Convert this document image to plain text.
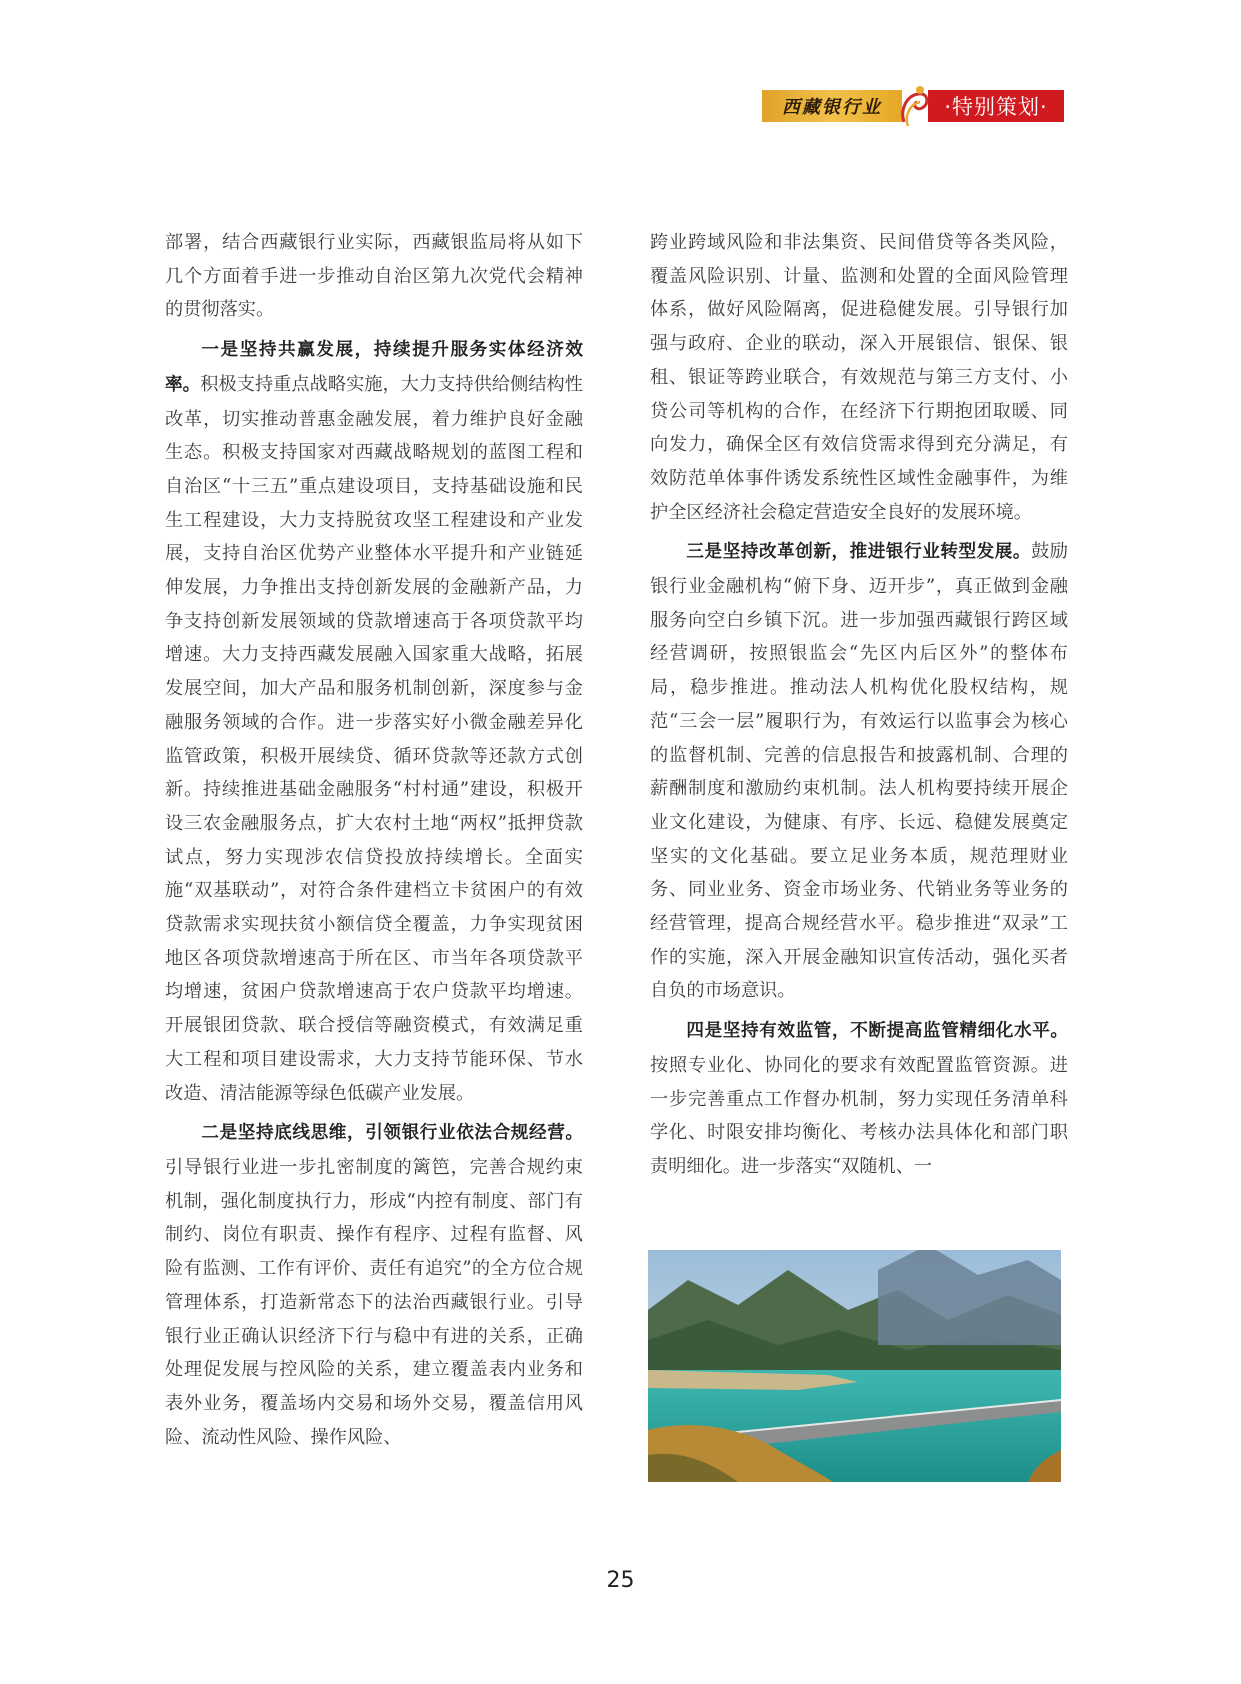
西藏银行业	·特别策划·

部署，结合西藏银行业实际，西藏银监局将从如下几个方面着手进一步推动自治区第九次党代会精神的贯彻落实。

一是坚持共赢发展，持续提升服务实体经济效率。积极支持重点战略实施，大力支持供给侧结构性改革，切实推动普惠金融发展，着力维护良好金融生态。积极支持国家对西藏战略规划的蓝图工程和自治区“十三五”重点建设项目，支持基础设施和民生工程建设，大力支持脱贫攻坚工程建设和产业发展，支持自治区优势产业整体水平提升和产业链延伸发展，力争推出支持创新发展的金融新产品，力争支持创新发展领域的贷款增速高于各项贷款平均增速。大力支持西藏发展融入国家重大战略，拓展发展空间，加大产品和服务机制创新，深度参与金融服务领域的合作。进一步落实好小微金融差异化监管政策，积极开展续贷、循环贷款等还款方式创新。持续推进基础金融服务“村村通”建设，积极开设三农金融服务点，扩大农村土地“两权”抵押贷款试点，努力实现涉农信贷投放持续增长。全面实施“双基联动”，对符合条件建档立卡贫困户的有效贷款需求实现扶贫小额信贷全覆盖，力争实现贫困地区各项贷款增速高于所在区、市当年各项贷款平均增速，贫困户贷款增速高于农户贷款平均增速。开展银团贷款、联合授信等融资模式，有效满足重大工程和项目建设需求，大力支持节能环保、节水改造、清洁能源等绿色低碳产业发展。

二是坚持底线思维，引领银行业依法合规经营。引导银行业进一步扎密制度的篱笆，完善合规约束机制，强化制度执行力，形成“内控有制度、部门有制约、岗位有职责、操作有程序、过程有监督、风险有监测、工作有评价、责任有追究”的全方位合规管理体系，打造新常态下的法治西藏银行业。引导银行业正确认识经济下行与稳中有进的关系，正确处理促发展与控风险的关系，建立覆盖表内业务和表外业务，覆盖场内交易和场外交易，覆盖信用风险、流动性风险、操作风险、

跨业跨域风险和非法集资、民间借贷等各类风险，覆盖风险识别、计量、监测和处置的全面风险管理体系，做好风险隔离，促进稳健发展。引导银行加强与政府、企业的联动，深入开展银信、银保、银租、银证等跨业联合，有效规范与第三方支付、小贷公司等机构的合作，在经济下行期抱团取暖、同向发力，确保全区有效信贷需求得到充分满足，有效防范单体事件诱发系统性区域性金融事件，为维护全区经济社会稳定营造安全良好的发展环境。

三是坚持改革创新，推进银行业转型发展。鼓励银行业金融机构“俯下身、迈开步”，真正做到金融服务向空白乡镇下沉。进一步加强西藏银行跨区域经营调研，按照银监会“先区内后区外”的整体布局，稳步推进。推动法人机构优化股权结构，规范“三会一层”履职行为，有效运行以监事会为核心的监督机制、完善的信息报告和披露机制、合理的薪酬制度和激励约束机制。法人机构要持续开展企业文化建设，为健康、有序、长远、稳健发展奠定坚实的文化基础。要立足业务本质，规范理财业务、同业业务、资金市场业务、代销业务等业务的经营管理，提高合规经营水平。稳步推进“双录”工作的实施，深入开展金融知识宣传活动，强化买者自负的市场意识。

四是坚持有效监管，不断提高监管精细化水平。按照专业化、协同化的要求有效配置监管资源。进一步完善重点工作督办机制，努力实现任务清单科学化、时限安排均衡化、考核办法具体化和部门职责明细化。进一步落实“双随机、一

25
